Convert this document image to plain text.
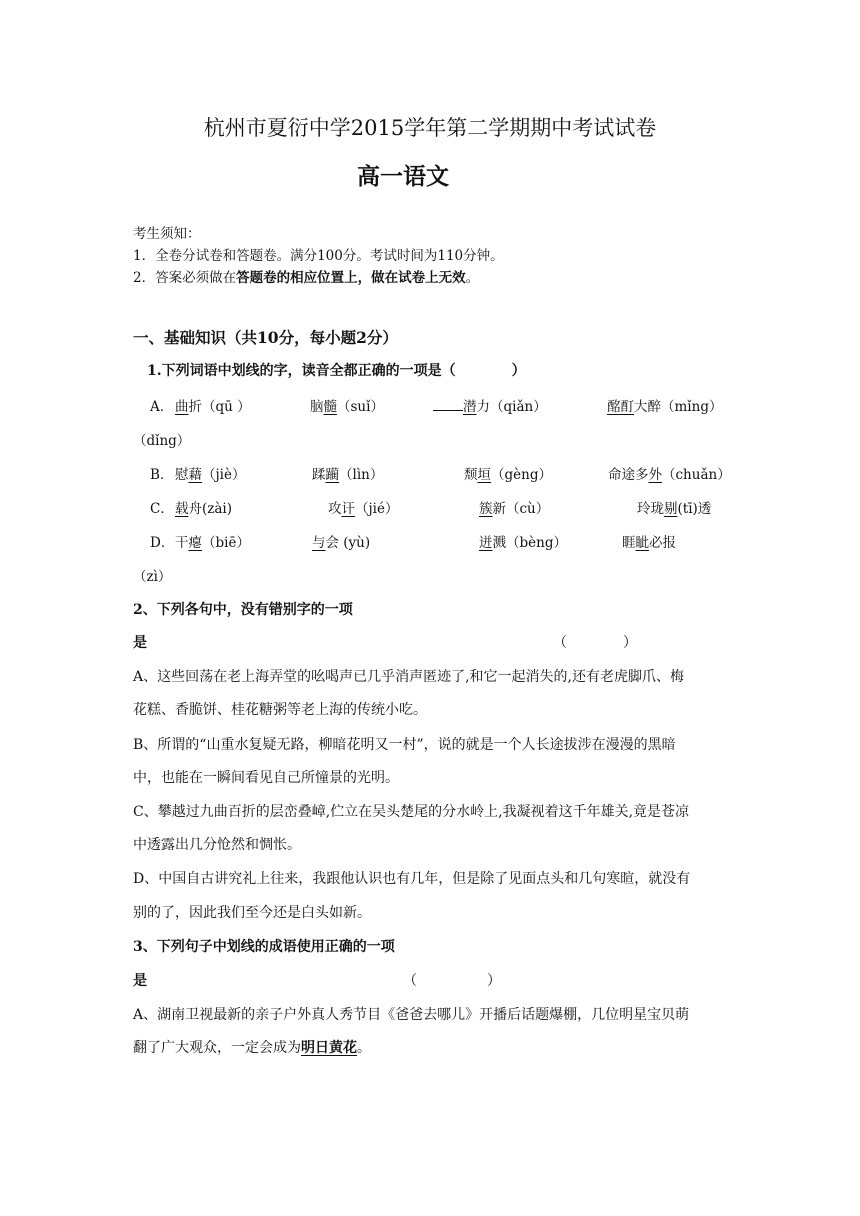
杭州市夏衍中学2015学年第二学期期中考试试卷
高一语文
考生须知：
1．全卷分试卷和答题卷。满分100分。考试时间为110分钟。
2．答案必须做在答题卷的相应位置上，做在试卷上无效。
一、基础知识（共10分，每小题2分）
1.下列词语中划线的字，读音全都正确的一项是（　　　　）
A． 曲折（qū ）	脑髓（suǐ）	潜力（qiǎn）	酩酊大醉（mǐng）
（dǐng）
B． 慰藉（jiè）	蹂躏（lìn）	颓垣（gèng）	命途多外（chuǎn）
C． 载舟(zài)	攻讦（jié）	簇新（cù）	玲珑剔(tī)透
D． 干瘪（biē）	与会 (yù)	迸溅（bèng）	睚眦必报
（zì）
2、下列各句中，没有错别字的一项
是	（　　　　）
A、这些回荡在老上海弄堂的吆喝声已几乎消声匿迹了,和它一起消失的,还有老虎脚爪、梅
花糕、香脆饼、桂花糖粥等老上海的传统小吃。
B、所谓的“山重水复疑无路，柳暗花明又一村”，说的就是一个人长途拔涉在漫漫的黑暗
中，也能在一瞬间看见自己所憧景的光明。
C、攀越过九曲百折的层峦叠嶂,伫立在吴头楚尾的分水岭上,我凝视着这千年雄关,竟是苍凉
中透露出几分怆然和惆怅。
D、中国自古讲究礼上往来，我跟他认识也有几年，但是除了见面点头和几句寒暄，就没有
别的了，因此我们至今还是白头如新。
3、下列句子中划线的成语使用正确的一项
是	（　　　　　）
A、湖南卫视最新的亲子户外真人秀节目《爸爸去哪儿》开播后话题爆棚，几位明星宝贝萌
翻了广大观众，一定会成为明日黄花。
